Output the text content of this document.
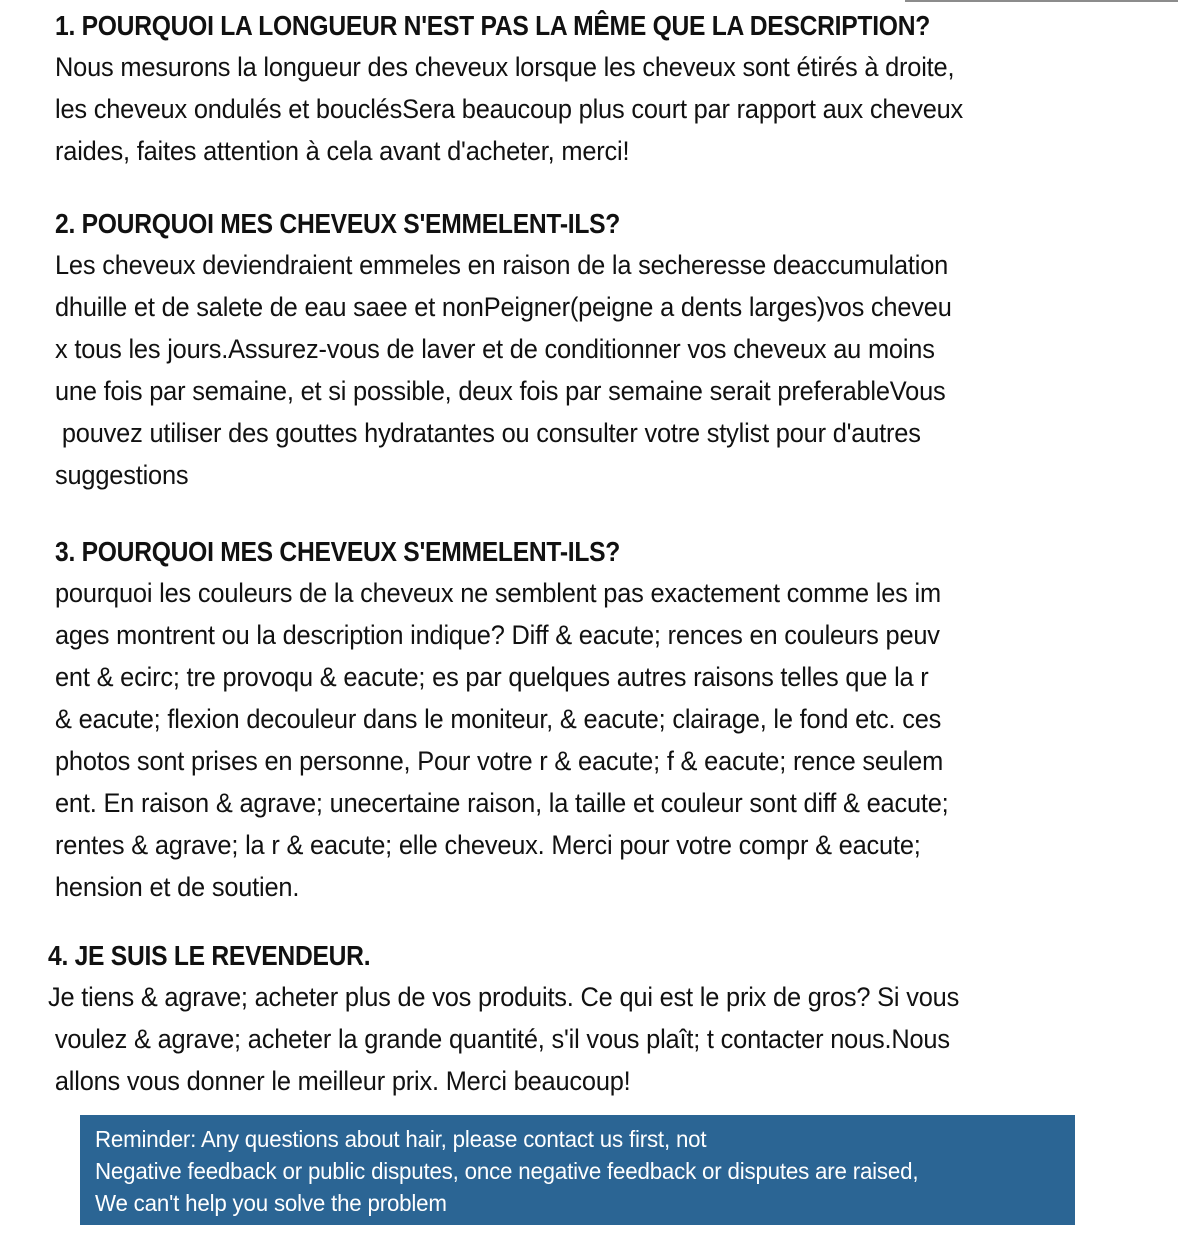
1. POURQUOI LA LONGUEUR N'EST PAS LA MÊME QUE LA DESCRIPTION?
Nous mesurons la longueur des cheveux lorsque les cheveux sont étirés à droite,
les cheveux ondulés et bouclésSera beaucoup plus court par rapport aux cheveux
raides, faites attention à cela avant d'acheter, merci!
2. POURQUOI MES CHEVEUX S'EMMELENT-ILS?
Les cheveux deviendraient emmeles en raison de la secheresse deaccumulation
dhuille et de salete de eau saee et nonPeigner(peigne a dents larges)vos cheveu
x tous les jours.Assurez-vous de laver et de conditionner vos cheveux au moins
une fois par semaine, et si possible, deux fois par semaine serait preferableVous
pouvez utiliser des gouttes hydratantes ou consulter votre stylist pour d'autres
suggestions
3. POURQUOI MES CHEVEUX S'EMMELENT-ILS?
pourquoi les couleurs de la cheveux ne semblent pas exactement comme les im
ages montrent ou la description indique? Diff & eacute; rences en couleurs peuv
ent & ecirc; tre provoqu & eacute; es par quelques autres raisons telles que la r
& eacute; flexion decouleur dans le moniteur, & eacute; clairage, le fond etc. ces
photos sont prises en personne, Pour votre r & eacute; f & eacute; rence seulem
ent. En raison & agrave; unecertaine raison, la taille et couleur sont diff & eacute;
rentes & agrave; la r & eacute; elle cheveux. Merci pour votre compr & eacute;
hension et de soutien.
4. JE SUIS LE REVENDEUR.
Je tiens & agrave; acheter plus de vos produits. Ce qui est le prix de gros? Si vous
voulez & agrave; acheter la grande quantité, s'il vous plaît; t contacter nous.Nous
allons vous donner le meilleur prix. Merci beaucoup!
Reminder: Any questions about hair, please contact us first, not
Negative feedback or public disputes, once negative feedback or disputes are raised,
We can't help you solve the problem
